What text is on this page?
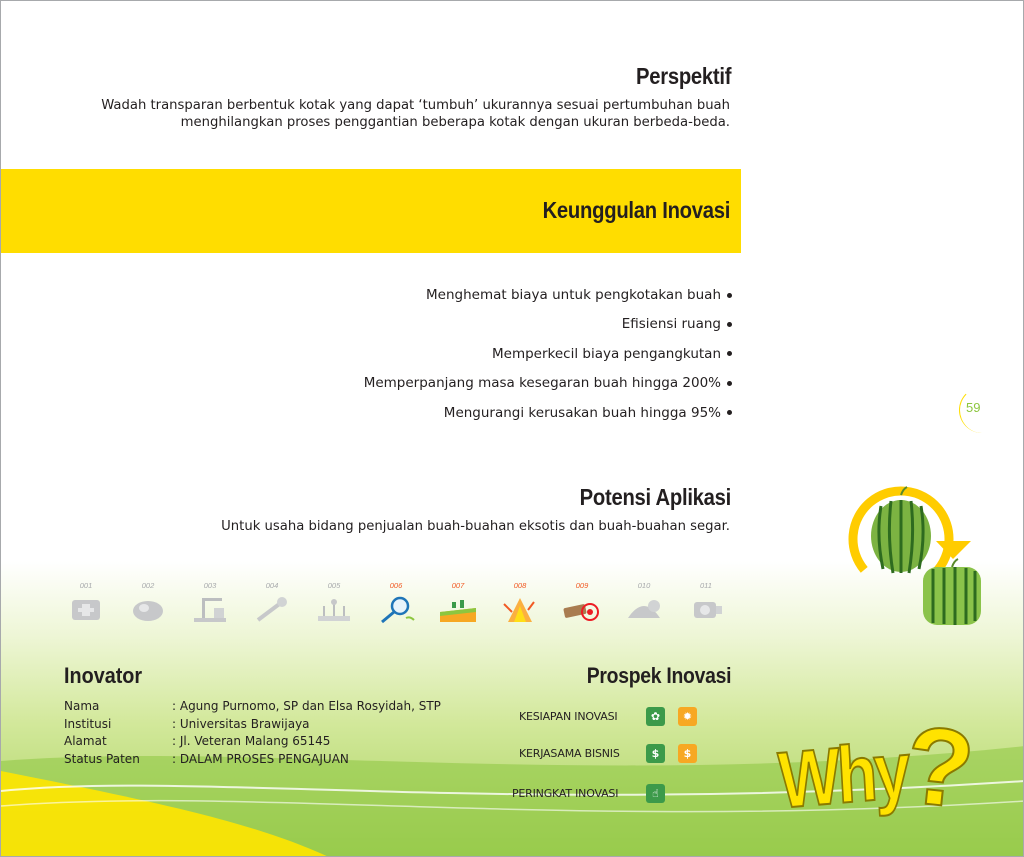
Perspektif
Wadah transparan berbentuk kotak yang dapat ‘tumbuh’ ukurannya sesuai pertumbuhan buah
menghilangkan proses penggantian beberapa kotak dengan ukuran berbeda-beda.
Keunggulan Inovasi
Menghemat biaya untuk pengkotakan buah
Efisiensi ruang
Memperkecil biaya pengangkutan
Memperpanjang masa kesegaran buah hingga 200%
Mengurangi kerusakan buah hingga 95%	59
Potensi Aplikasi
Untuk usaha bidang penjualan buah-buahan eksotis dan buah-buahan segar.
001	002	003	004	005	006	007	008	009	010	011
Inovator
Nama	: Agung Purnomo, SP dan Elsa Rosyidah, STP
Institusi	: Universitas Brawijaya
Alamat	: Jl. Veteran Malang 65145
Status Paten	: DALAM PROSES PENGAJUAN
Prospek Inovasi
KESIAPAN INOVASI	✿	✹
KERJASAMA BISNIS	$	$
PERINGKAT INOVASI	☝ Why
?
